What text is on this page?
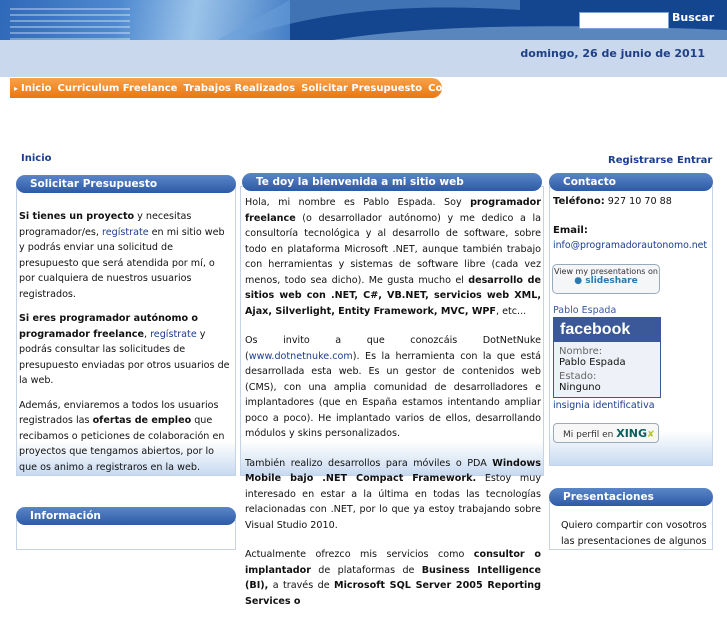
Buscar
domingo, 26 de junio de 2011
▸ Inicio Curriculum Freelance Trabajos Realizados Solicitar Presupuesto Contacto
Inicio	Registrarse Entrar
Solicitar Presupuesto

Si tienes un proyecto y necesitas programador/es, regístrate en mi sitio web y podrás enviar una solicitud de presupuesto que será atendida por mí, o por cualquiera de nuestros usuarios registrados.

Si eres programador autónomo o programador freelance, regístrate y podrás consultar las solicitudes de presupuesto enviadas por otros usuarios de la web.

Además, enviaremos a todos los usuarios registrados las ofertas de empleo que recibamos o peticiones de colaboración en proyectos que tengamos abiertos, por lo que os animo a registraros en la web.

Información
Te doy la bienvenida a mi sitio web

Hola, mi nombre es Pablo Espada. Soy programador freelance (o desarrollador autónomo) y me dedico a la consultoría tecnológica y al desarrollo de software, sobre todo en plataforma Microsoft .NET, aunque también trabajo con herramientas y sistemas de software libre (cada vez menos, todo sea dicho). Me gusta mucho el desarrollo de sitios web con .NET, C#, VB.NET, servicios web XML, Ajax, Silverlight, Entity Framework, MVC, WPF, etc...

Os invito a que conozcáis DotNetNuke (www.dotnetnuke.com). Es la herramienta con la que está desarrollada esta web. Es un gestor de contenidos web (CMS), con una amplia comunidad de desarrolladores e implantadores (que en España estamos intentando ampliar poco a poco). He implantado varios de ellos, desarrollando módulos y skins personalizados.

También realizo desarrollos para móviles o PDA Windows Mobile bajo .NET Compact Framework. Estoy muy interesado en estar a la última en todas las tecnologías relacionadas con .NET, por lo que ya estoy trabajando sobre Visual Studio 2010.

Actualmente ofrezco mis servicios como consultor o implantador de plataformas de Business Intelligence (BI), a través de Microsoft SQL Server 2005 Reporting Services o

Contacto
Teléfono: 927 10 70 88
Email:
info@programadorautonomo.net
View my presentations on
● slideshare
Pablo Espada
facebook
Nombre:
Pablo Espada
Estado:
Ninguno
insignia identificativa
Mi perfil en XING✘
Presentaciones
Quiero compartir con vosotros las presentaciones de algunos
